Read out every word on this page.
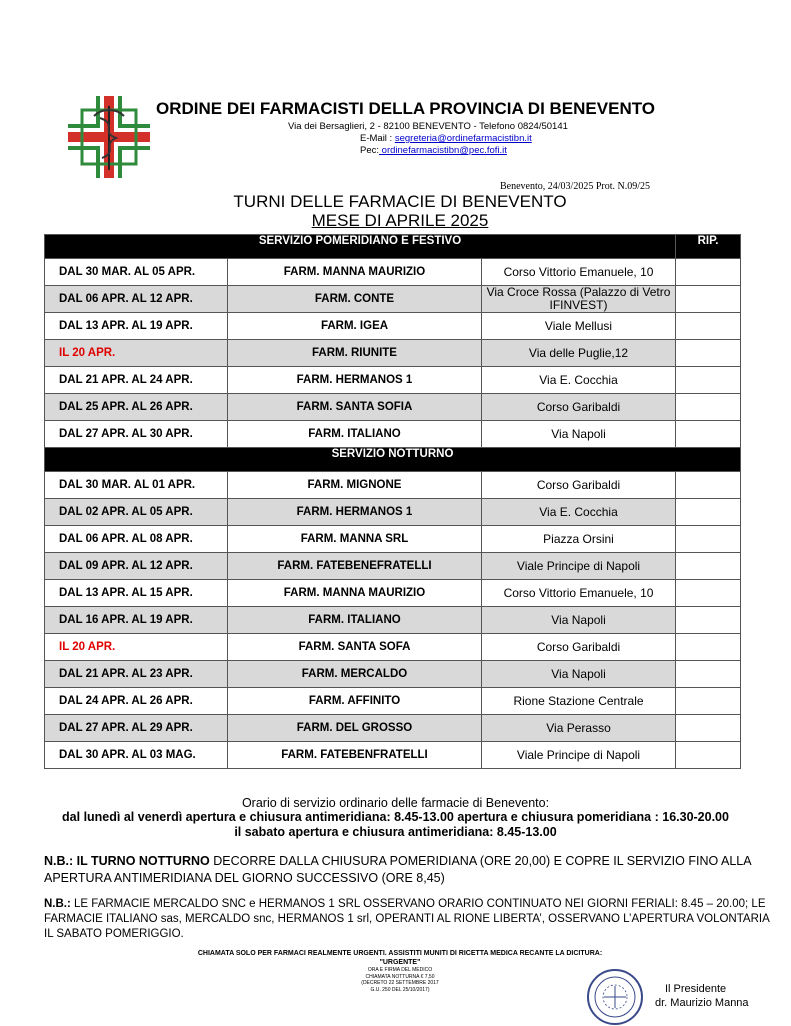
ORDINE DEI FARMACISTI DELLA PROVINCIA DI BENEVENTO
Via dei Bersaglieri, 2 - 82100 BENEVENTO - Telefono 0824/50141
E-Mail : segreteria@ordinefarmacistibn.it
Pec: ordinefarmacistibn@pec.fofi.it
Benevento, 24/03/2025 Prot. N.09/25
TURNI DELLE FARMACIE DI BENEVENTO
MESE DI APRILE 2025
SERVIZIO POMERIDIANO E FESTIVO			RIP.
DAL 30 MAR. AL 05 APR.	FARM. MANNA MAURIZIO	Corso Vittorio Emanuele, 10	
DAL 06 APR. AL 12 APR.	FARM. CONTE	Via Croce Rossa (Palazzo di Vetro IFINVEST)	
DAL 13 APR. AL 19 APR.	FARM. IGEA	Viale Mellusi	
IL 20 APR.	FARM. RIUNITE	Via delle Puglie,12	
DAL 21 APR. AL 24 APR.	FARM. HERMANOS 1	Via E. Cocchia	
DAL 25 APR. AL 26 APR.	FARM. SANTA SOFIA	Corso Garibaldi	
DAL 27 APR. AL 30 APR.	FARM. ITALIANO	Via Napoli	
SERVIZIO NOTTURNO			
DAL 30 MAR. AL 01 APR.	FARM. MIGNONE	Corso Garibaldi	
DAL 02 APR. AL 05 APR.	FARM. HERMANOS 1	Via E. Cocchia	
DAL 06 APR. AL 08 APR.	FARM. MANNA SRL	Piazza Orsini	
DAL 09 APR. AL 12 APR.	FARM. FATEBENEFRATELLI	Viale Principe di Napoli	
DAL 13 APR. AL 15 APR.	FARM. MANNA MAURIZIO	Corso Vittorio Emanuele, 10	
DAL 16 APR. AL 19 APR.	FARM. ITALIANO	Via Napoli	
IL 20 APR.	FARM. SANTA SOFA	Corso Garibaldi	
DAL 21 APR. AL 23 APR.	FARM. MERCALDO	Via Napoli	
DAL 24 APR. AL 26 APR.	FARM. AFFINITO	Rione Stazione Centrale	
DAL 27 APR. AL 29 APR.	FARM. DEL GROSSO	Via Perasso	
DAL 30 APR. AL 03 MAG.	FARM. FATEBENFRATELLI	Viale Principe di Napoli	
Orario di servizio ordinario delle farmacie di Benevento:
dal lunedì al venerdì apertura e chiusura antimeridiana: 8.45-13.00 apertura e chiusura pomeridiana : 16.30-20.00
il sabato apertura e chiusura antimeridiana: 8.45-13.00
N.B.: IL TURNO NOTTURNO DECORRE DALLA CHIUSURA POMERIDIANA (ORE 20,00) E COPRE IL SERVIZIO FINO ALLA APERTURA ANTIMERIDIANA DEL GIORNO SUCCESSIVO (ORE 8,45)
N.B.: LE FARMACIE MERCALDO SNC e HERMANOS 1 SRL OSSERVANO ORARIO CONTINUATO NEI GIORNI FERIALI: 8.45 – 20.00; LE FARMACIE ITALIANO sas, MERCALDO snc, HERMANOS 1 srl, OPERANTI AL RIONE LIBERTA’, OSSERVANO L’APERTURA VOLONTARIA IL SABATO POMERIGGIO.
CHIAMATA SOLO PER FARMACI REALMENTE URGENTI. ASSISTITI MUNITI DI RICETTA MEDICA RECANTE LA DICITURA:
"URGENTE"
ORA E FIRMA DEL MEDICO
CHIAMATA NOTTURNA € 7,50
(DECRETO 22 SETTEMBRE 2017
G.U. 250 DEL 25/10/2017)	Il Presidente
dr. Maurizio Manna
